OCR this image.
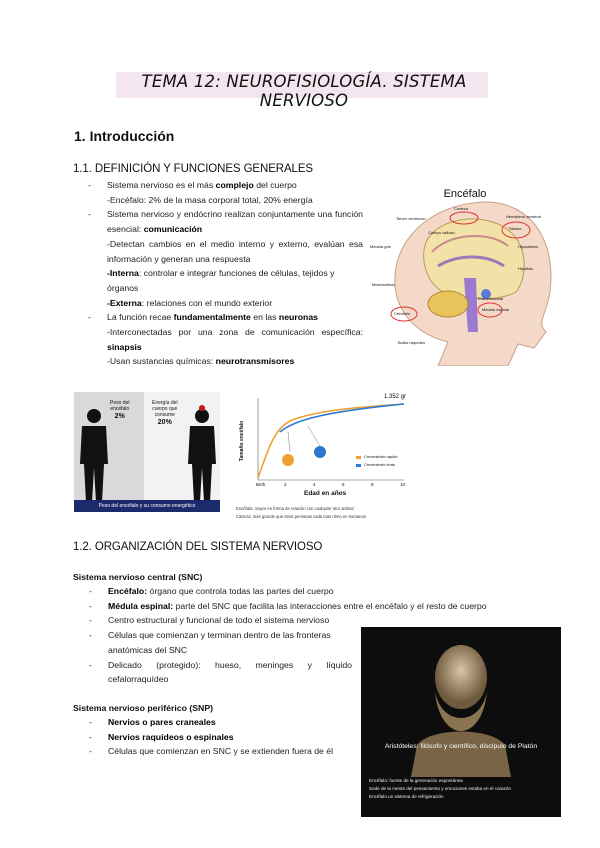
TEMA 12: NEUROFISIOLOGÍA. SISTEMA NERVIOSO
1. Introducción
1.1. DEFINICIÓN Y FUNCIONES GENERALES
- Sistema nervioso es el más complejo del cuerpo
-Encéfalo: 2% de la masa corporal total, 20% energía
- Sistema nervioso y endócrino realizan conjuntamente una función esencial: comunicación
-Detectan cambios en el medio interno y externo, evalúan esa información y generan una respuesta
-Interna: controlar e integrar funciones de células, tejidos y órganos
-Externa: relaciones con el mundo exterior
- La función recae fundamentalmente en las neuronas
-Interconectadas por una zona de comunicación específica: sinapsis
-Usan sustancias químicas: neurotransmisores
Encéfalo
Corteza
Tercer ventrículo	Hemisferio cerebral
Médula gris	Hipotálamo
Hipófisis
Mesencéfalo
Protuberancia
Cerebelo
Bulbo raquídeo
Médula espinal
Tálamo
Cuerpo calloso
Peso del
encéfalo
2%
Energía del
cuerpo que
consume
20%
Peso del encéfalo y su consumo energético
1.352 gr
Tamaño encéfalo
Birth	2	4	6	8	10
Edad en años
Crecimiento rápido
Crecimiento lento
Encéfalo: mayor en forma de relación con cualquier otro animal
Cabeza: más grande que otras personas cada más ritmo en humanos
1.2. ORGANIZACIÓN DEL SISTEMA NERVIOSO
Sistema nervioso central (SNC)
- Encéfalo: órgano que controla todas las partes del cuerpo
- Médula espinal: parte del SNC que facilita las interacciones entre el encéfalo y el resto de cuerpo
- Centro estructural y funcional de todo el sistema nervioso
- Células que comienzan y terminan dentro de las fronteras anatómicas del SNC
- Delicado (protegido): hueso, meninges y líquido cefalorraquídeo
Sistema nervioso periférico (SNP)
- Nervios o pares craneales
- Nervios raquídeos o espinales
- Células que comienzan en SNC y se extienden fuera de él	Aristóteles: filósofo y científico, discípulo de Platón
Encéfalo: fuente de la generación espontánea
Sede de la mente del pensamiento y emociones estaba en el corazón
Encéfalo un sistema de refrigeración
